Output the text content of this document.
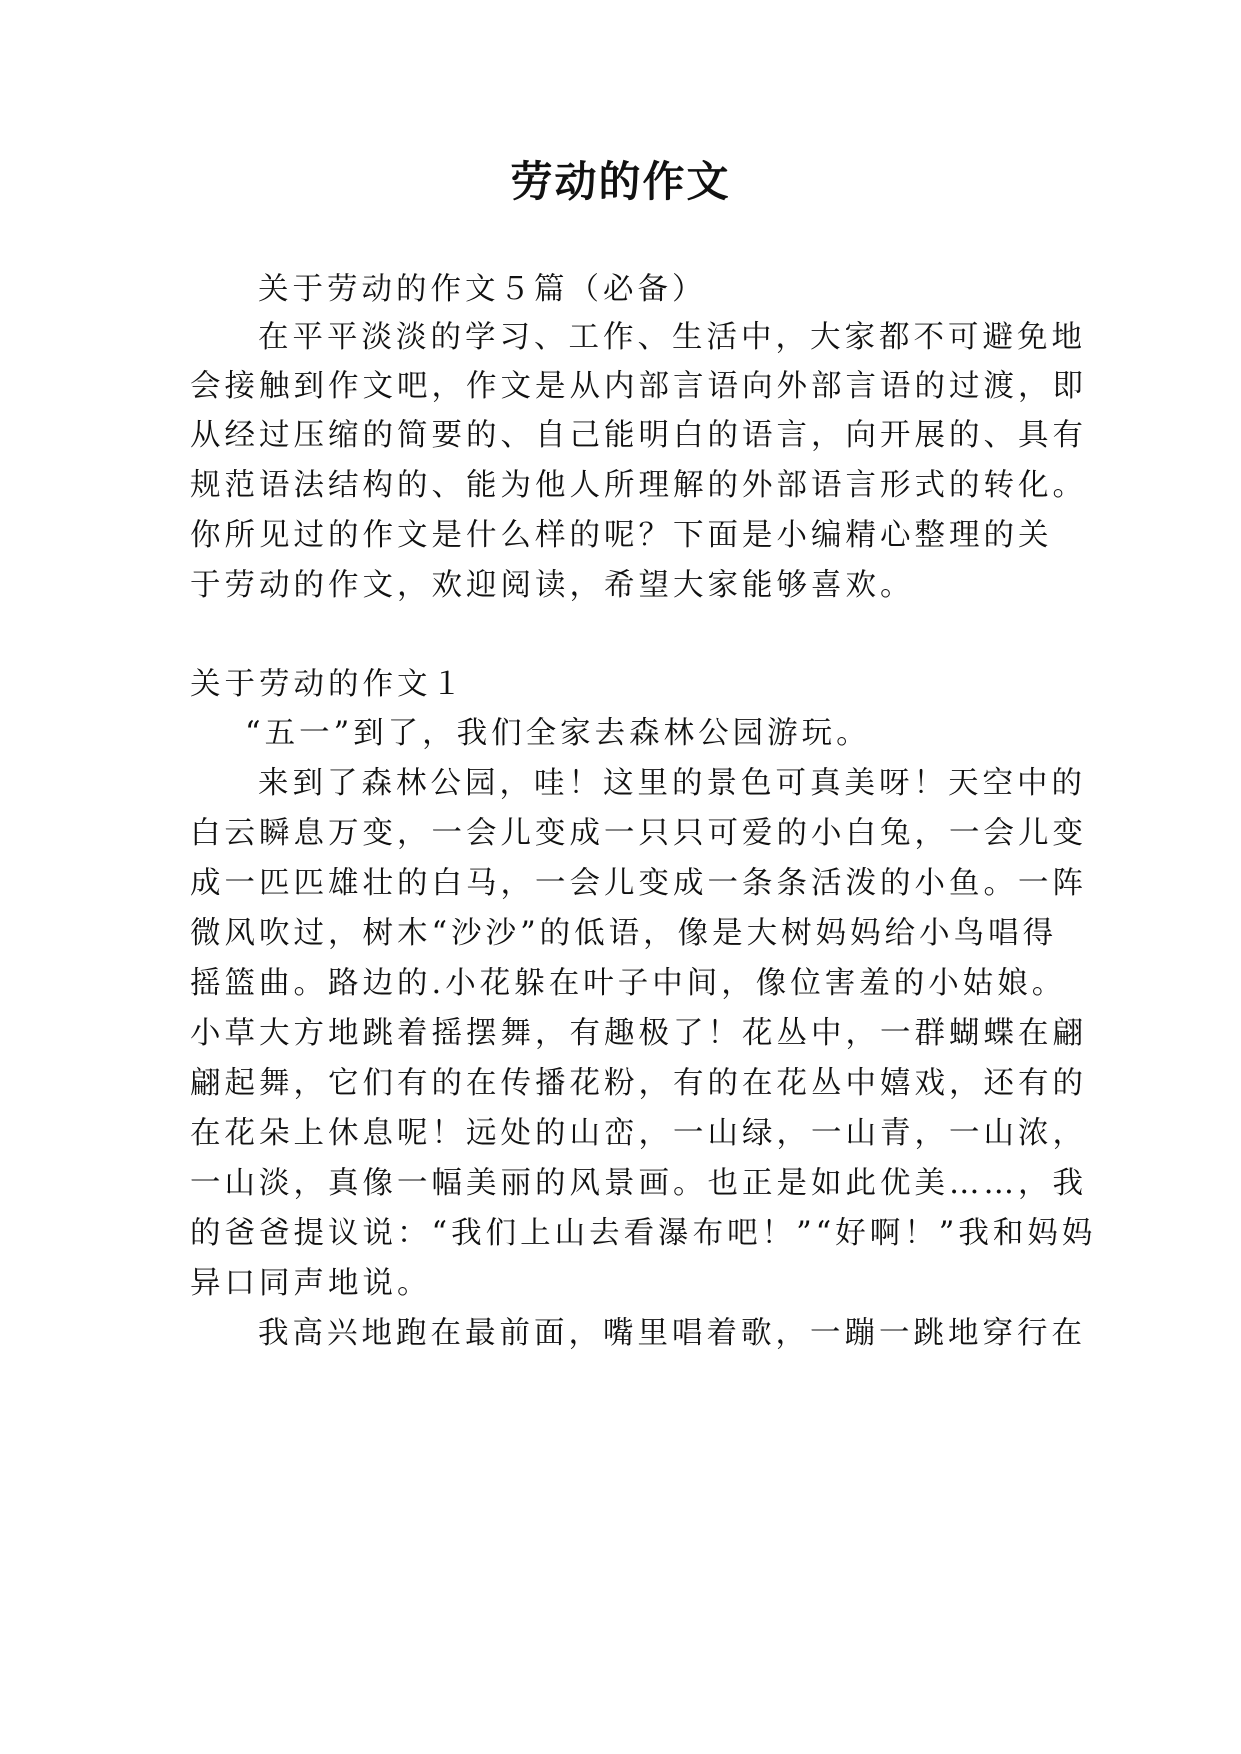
劳动的作文

关于劳动的作文５篇（必备）

在平平淡淡的学习、工作、生活中，大家都不可避免地

会接触到作文吧，作文是从内部言语向外部言语的过渡，即

从经过压缩的简要的、自己能明白的语言，向开展的、具有

规范语法结构的、能为他人所理解的外部语言形式的转化。

你所见过的作文是什么样的呢？下面是小编精心整理的关

于劳动的作文，欢迎阅读，希望大家能够喜欢。

关于劳动的作文１

“五一”到了，我们全家去森林公园游玩。

来到了森林公园，哇！这里的景色可真美呀！天空中的

白云瞬息万变，一会儿变成一只只可爱的小白兔，一会儿变

成一匹匹雄壮的白马，一会儿变成一条条活泼的小鱼。一阵

微风吹过，树木“沙沙”的低语，像是大树妈妈给小鸟唱得

摇篮曲。路边的.小花躲在叶子中间，像位害羞的小姑娘。

小草大方地跳着摇摆舞，有趣极了！花丛中，一群蝴蝶在翩

翩起舞，它们有的在传播花粉，有的在花丛中嬉戏，还有的

在花朵上休息呢！远处的山峦，一山绿，一山青，一山浓，

一山淡，真像一幅美丽的风景画。也正是如此优美……，我

的爸爸提议说：“我们上山去看瀑布吧！”“好啊！”我和妈妈

异口同声地说。

我高兴地跑在最前面，嘴里唱着歌，一蹦一跳地穿行在
